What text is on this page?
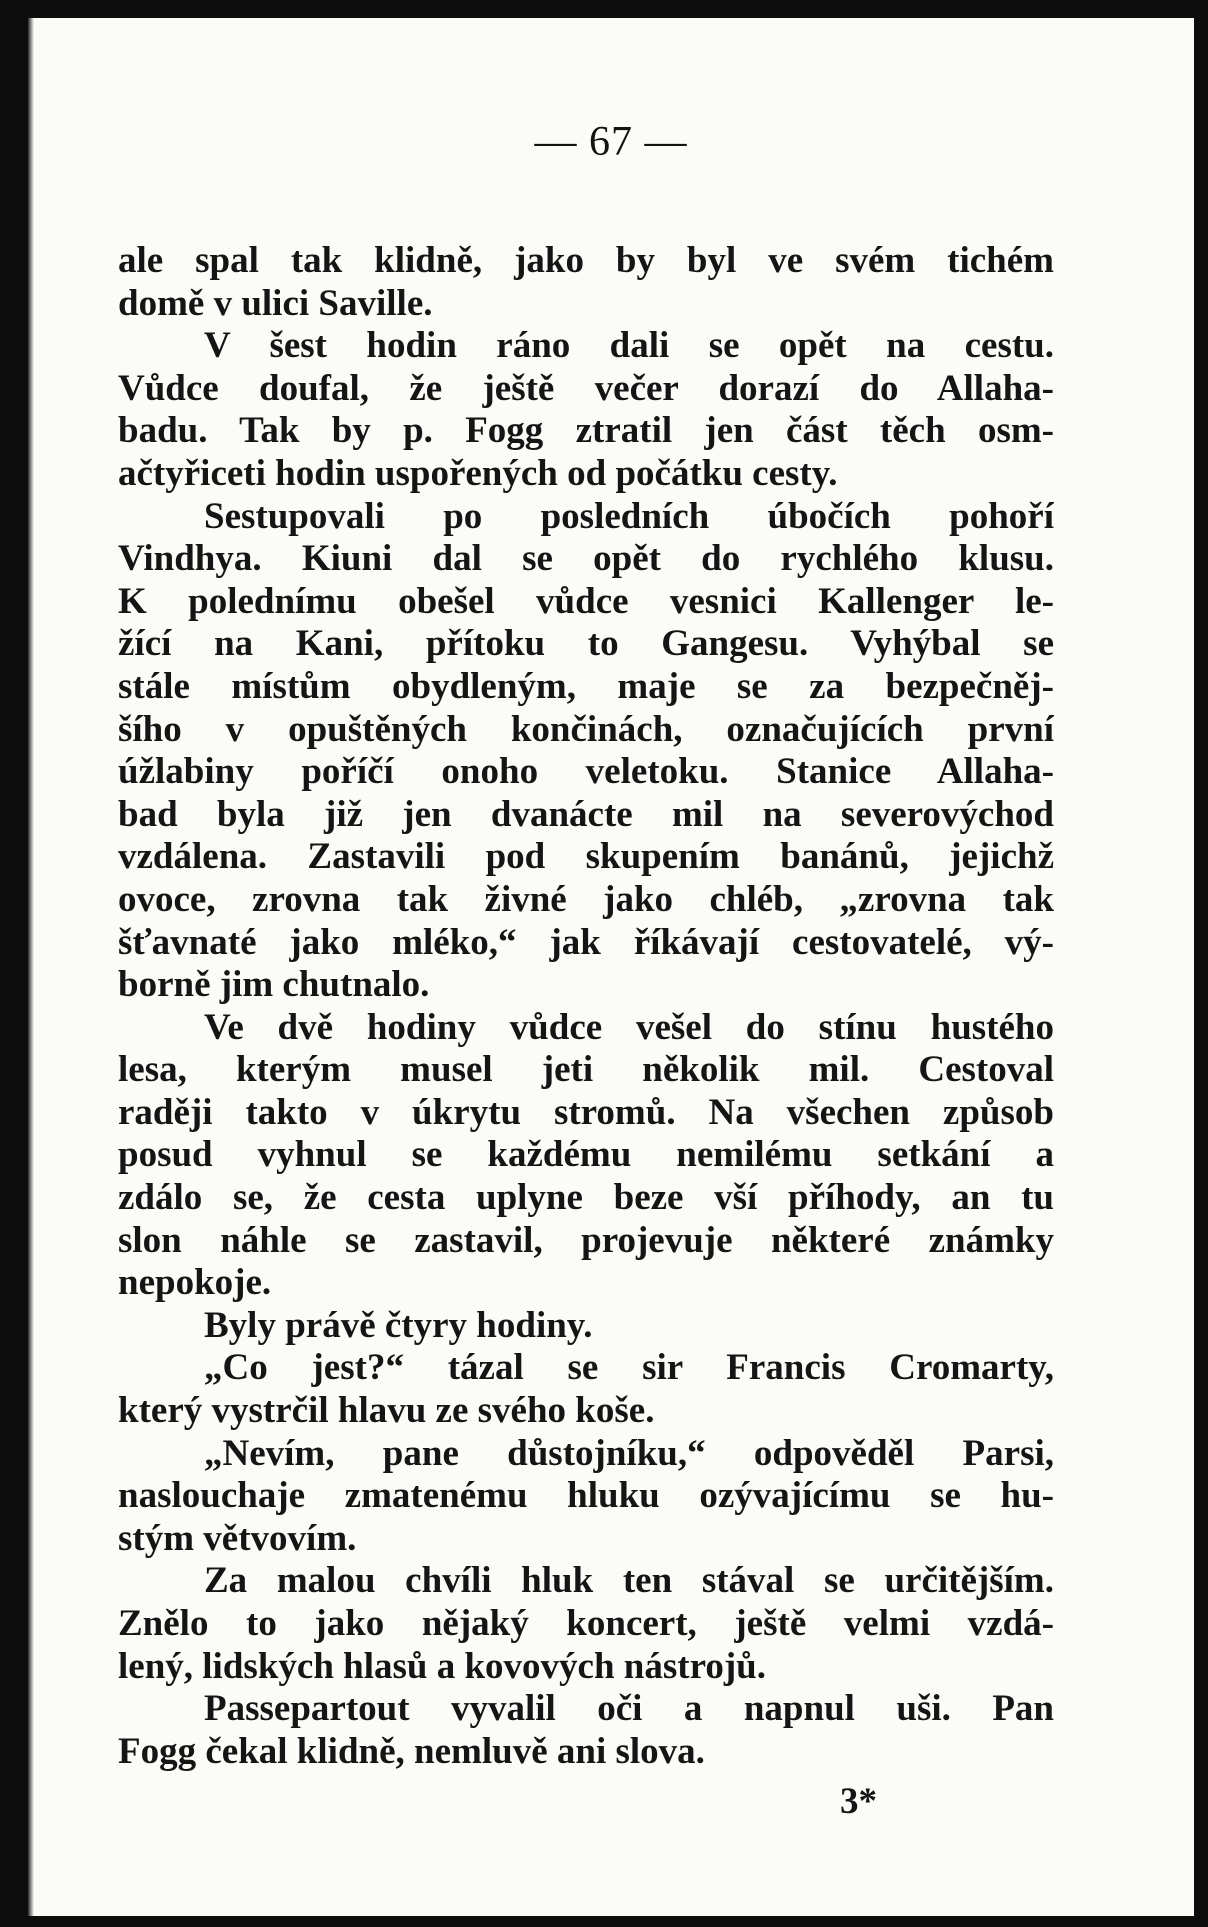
— 67 —
ale spal tak klidně, jako by byl ve svém tichém
domě v ulici Saville.
V šest hodin ráno dali se opět na cestu.
Vůdce doufal, že ještě večer dorazí do Allaha-
badu. Tak by p. Fogg ztratil jen část těch osm-
ačtyřiceti hodin uspořených od počátku cesty.
Sestupovali po posledních úbočích pohoří
Vindhya. Kiuni dal se opět do rychlého klusu.
K polednímu obešel vůdce vesnici Kallenger le-
žící na Kani, přítoku to Gangesu. Vyhýbal se
stále místům obydleným, maje se za bezpečněj-
šího v opuštěných končinách, označujících první
úžlabiny poříčí onoho veletoku. Stanice Allaha-
bad byla již jen dvanácte mil na severovýchod
vzdálena. Zastavili pod skupením banánů, jejichž
ovoce, zrovna tak živné jako chléb, „zrovna tak
šťavnaté jako mléko,“ jak říkávají cestovatelé, vý-
borně jim chutnalo.
Ve dvě hodiny vůdce vešel do stínu hustého
lesa, kterým musel jeti několik mil. Cestoval
raději takto v úkrytu stromů. Na všechen způsob
posud vyhnul se každému nemilému setkání a
zdálo se, že cesta uplyne beze vší příhody, an tu
slon náhle se zastavil, projevuje některé známky
nepokoje.
Byly právě čtyry hodiny.
„Co jest?“ tázal se sir Francis Cromarty,
který vystrčil hlavu ze svého koše.
„Nevím, pane důstojníku,“ odpověděl Parsi,
naslouchaje zmatenému hluku ozývajícímu se hu-
stým větvovím.
Za malou chvíli hluk ten stával se určitějším.
Znělo to jako nějaký koncert, ještě velmi vzdá-
lený, lidských hlasů a kovových nástrojů.
Passepartout vyvalil oči a napnul uši. Pan
Fogg čekal klidně, nemluvě ani slova.
3*
